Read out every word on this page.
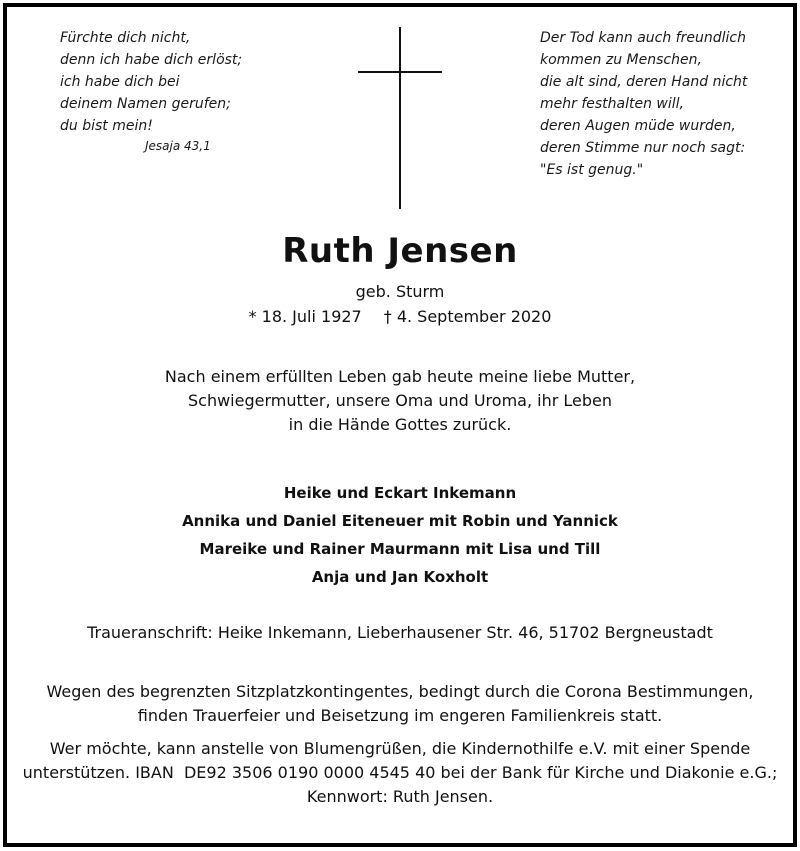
Fürchte dich nicht,
denn ich habe dich erlöst;
ich habe dich bei
deinem Namen gerufen;
du bist mein!
Jesaja 43,1
Der Tod kann auch freundlich
kommen zu Menschen,
die alt sind, deren Hand nicht
mehr festhalten will,
deren Augen müde wurden,
deren Stimme nur noch sagt:
"Es ist genug."
Ruth Jensen
geb. Sturm
* 18. Juli 1927 † 4. September 2020
Nach einem erfüllten Leben gab heute meine liebe Mutter,
Schwiegermutter, unsere Oma und Uroma, ihr Leben
in die Hände Gottes zurück.
Heike und Eckart Inkemann
Annika und Daniel Eiteneuer mit Robin und Yannick
Mareike und Rainer Maurmann mit Lisa und Till
Anja und Jan Koxholt
Traueranschrift: Heike Inkemann, Lieberhausener Str. 46, 51702 Bergneustadt
Wegen des begrenzten Sitzplatzkontingentes, bedingt durch die Corona Bestimmungen,
finden Trauerfeier und Beisetzung im engeren Familienkreis statt.
Wer möchte, kann anstelle von Blumengrüßen, die Kindernothilfe e.V. mit einer Spende
unterstützen. IBAN  DE92 3506 0190 0000 4545 40 bei der Bank für Kirche und Diakonie e.G.;
Kennwort: Ruth Jensen.
